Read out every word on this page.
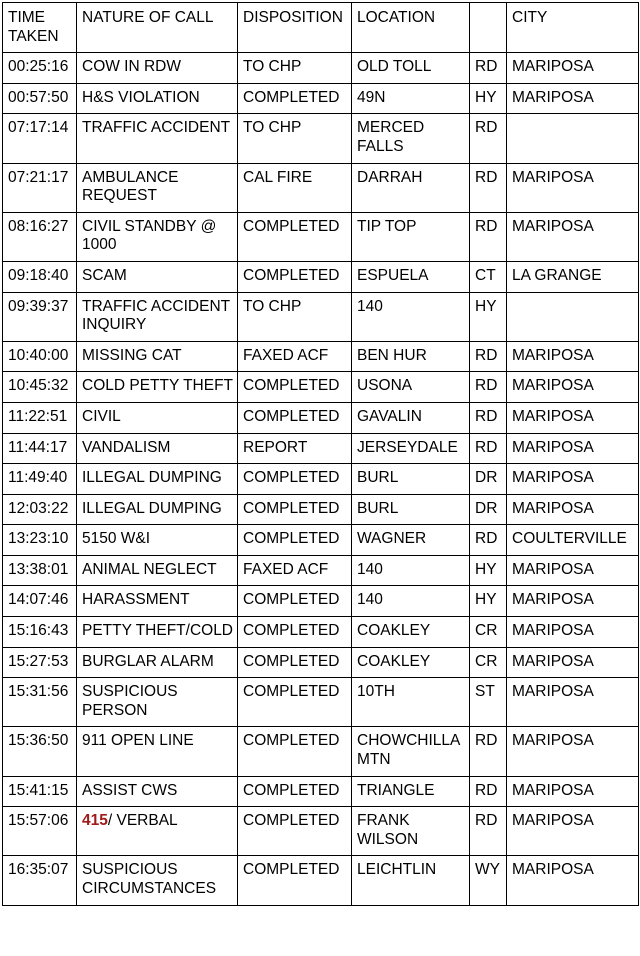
TIME TAKEN	NATURE OF CALL	DISPOSITION	LOCATION		CITY
00:25:16	COW IN RDW	TO CHP	OLD TOLL	RD	MARIPOSA
00:57:50	H&S VIOLATION	COMPLETED	49N	HY	MARIPOSA
07:17:14	TRAFFIC ACCIDENT	TO CHP	MERCED FALLS	RD	
07:21:17	AMBULANCE REQUEST	CAL FIRE	DARRAH	RD	MARIPOSA
08:16:27	CIVIL STANDBY @ 1000	COMPLETED	TIP TOP	RD	MARIPOSA
09:18:40	SCAM	COMPLETED	ESPUELA	CT	LA GRANGE
09:39:37	TRAFFIC ACCIDENT INQUIRY	TO CHP	140	HY	
10:40:00	MISSING CAT	FAXED ACF	BEN HUR	RD	MARIPOSA
10:45:32	COLD PETTY THEFT	COMPLETED	USONA	RD	MARIPOSA
11:22:51	CIVIL	COMPLETED	GAVALIN	RD	MARIPOSA
11:44:17	VANDALISM	REPORT	JERSEYDALE	RD	MARIPOSA
11:49:40	ILLEGAL DUMPING	COMPLETED	BURL	DR	MARIPOSA
12:03:22	ILLEGAL DUMPING	COMPLETED	BURL	DR	MARIPOSA
13:23:10	5150 W&I	COMPLETED	WAGNER	RD	COULTERVILLE
13:38:01	ANIMAL NEGLECT	FAXED ACF	140	HY	MARIPOSA
14:07:46	HARASSMENT	COMPLETED	140	HY	MARIPOSA
15:16:43	PETTY THEFT/COLD	COMPLETED	COAKLEY	CR	MARIPOSA
15:27:53	BURGLAR ALARM	COMPLETED	COAKLEY	CR	MARIPOSA
15:31:56	SUSPICIOUS PERSON	COMPLETED	10TH	ST	MARIPOSA
15:36:50	911 OPEN LINE	COMPLETED	CHOWCHILLA MTN	RD	MARIPOSA
15:41:15	ASSIST CWS	COMPLETED	TRIANGLE	RD	MARIPOSA
15:57:06	415/ VERBAL	COMPLETED	FRANK WILSON	RD	MARIPOSA
16:35:07	SUSPICIOUS CIRCUMSTANCES	COMPLETED	LEICHTLIN	WY	MARIPOSA
